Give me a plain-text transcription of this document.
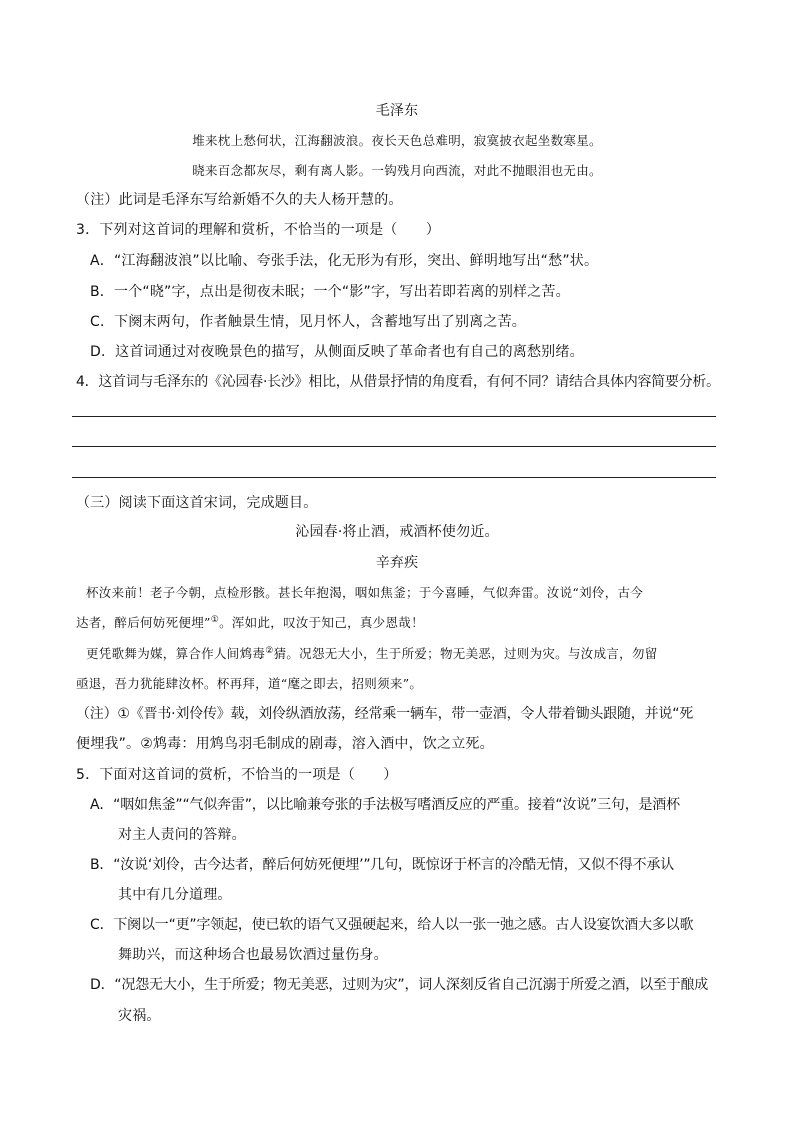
毛泽东
堆来枕上愁何状，江海翻波浪。夜长天色总难明，寂寞披衣起坐数寒星。
晓来百念都灰尽，剩有离人影。一钩残月向西流，对此不抛眼泪也无由。
（注）此词是毛泽东写给新婚不久的夫人杨开慧的。
3．下列对这首词的理解和赏析，不恰当的一项是（　　）
A．“江海翻波浪”以比喻、夸张手法，化无形为有形，突出、鲜明地写出“愁”状。
B．一个“晓”字，点出是彻夜未眠；一个“影”字，写出若即若离的别样之苦。
C．下阕末两句，作者触景生情，见月怀人，含蓄地写出了别离之苦。
D．这首词通过对夜晚景色的描写，从侧面反映了革命者也有自己的离愁别绪。
4．这首词与毛泽东的《沁园春·长沙》相比，从借景抒情的角度看，有何不同？请结合具体内容简要分析。
（三）阅读下面这首宋词，完成题目。
沁园春·将止酒，戒酒杯使勿近。
辛弃疾
杯汝来前！老子今朝，点检形骸。甚长年抱渴，咽如焦釜；于今喜睡，气似奔雷。汝说“刘伶，古今
达者，醉后何妨死便埋”①。浑如此，叹汝于知己，真少恩哉！
更凭歌舞为媒，算合作人间鸩毒②猜。况怨无大小，生于所爱；物无美恶，过则为灾。与汝成言，勿留
亟退，吾力犹能肆汝杯。杯再拜，道“麾之即去，招则须来”。
（注）①《晋书·刘伶传》载，刘伶纵酒放荡，经常乘一辆车，带一壶酒，令人带着锄头跟随，并说“死
便埋我”。②鸩毒：用鸩鸟羽毛制成的剧毒，溶入酒中，饮之立死。
5．下面对这首词的赏析，不恰当的一项是（　　）
A．“咽如焦釜”“气似奔雷”，以比喻兼夸张的手法极写嗜酒反应的严重。接着“汝说”三句，是酒杯
对主人责问的答辩。
B．“汝说‘刘伶，古今达者，醉后何妨死便埋’”几句，既惊讶于杯言的冷酷无情，又似不得不承认
其中有几分道理。
C．下阕以一“更”字领起，使已软的语气又强硬起来，给人以一张一弛之感。古人设宴饮酒大多以歌
舞助兴，而这种场合也最易饮酒过量伤身。
D．“况怨无大小，生于所爱；物无美恶，过则为灾”，词人深刻反省自己沉溺于所爱之酒，以至于酿成
灾祸。
